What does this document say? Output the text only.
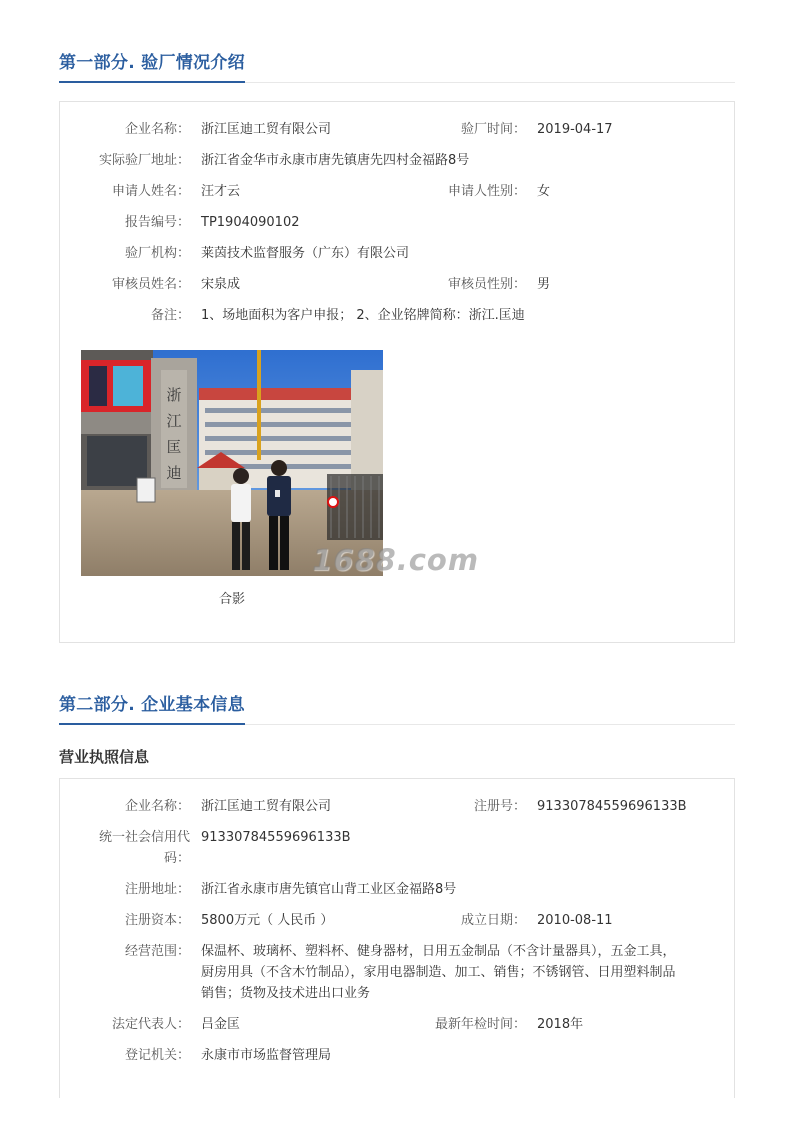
第一部分. 验厂情况介绍
企业名称： 浙江匡迪工贸有限公司	验厂时间： 2019-04-17
实际验厂地址： 浙江省金华市永康市唐先镇唐先四村金福路8号
申请人姓名： 汪才云	申请人性别： 女
报告编号： TP1904090102
验厂机构： 莱茵技术监督服务（广东）有限公司
审核员姓名： 宋泉成	审核员性别： 男
备注： 1、场地面积为客户申报； 2、企业铭牌简称：浙江.匡迪
浙
江
匡
迪
合影
1688.com
第二部分. 企业基本信息
营业执照信息
企业名称： 浙江匡迪工贸有限公司	注册号： 91330784559696133B
统一社会信用代
码：
91330784559696133B
注册地址： 浙江省永康市唐先镇官山背工业区金福路8号
注册资本： 5800万元（ 人民币 ）	成立日期： 2010-08-11
经营范围： 保温杯、玻璃杯、塑料杯、健身器材，日用五金制品（不含计量器具），五金工具，
厨房用具（不含木竹制品），家用电器制造、加工、销售；不锈钢管、日用塑料制品
销售；货物及技术进出口业务
法定代表人： 吕金匡	最新年检时间： 2018年
登记机关： 永康市市场监督管理局
